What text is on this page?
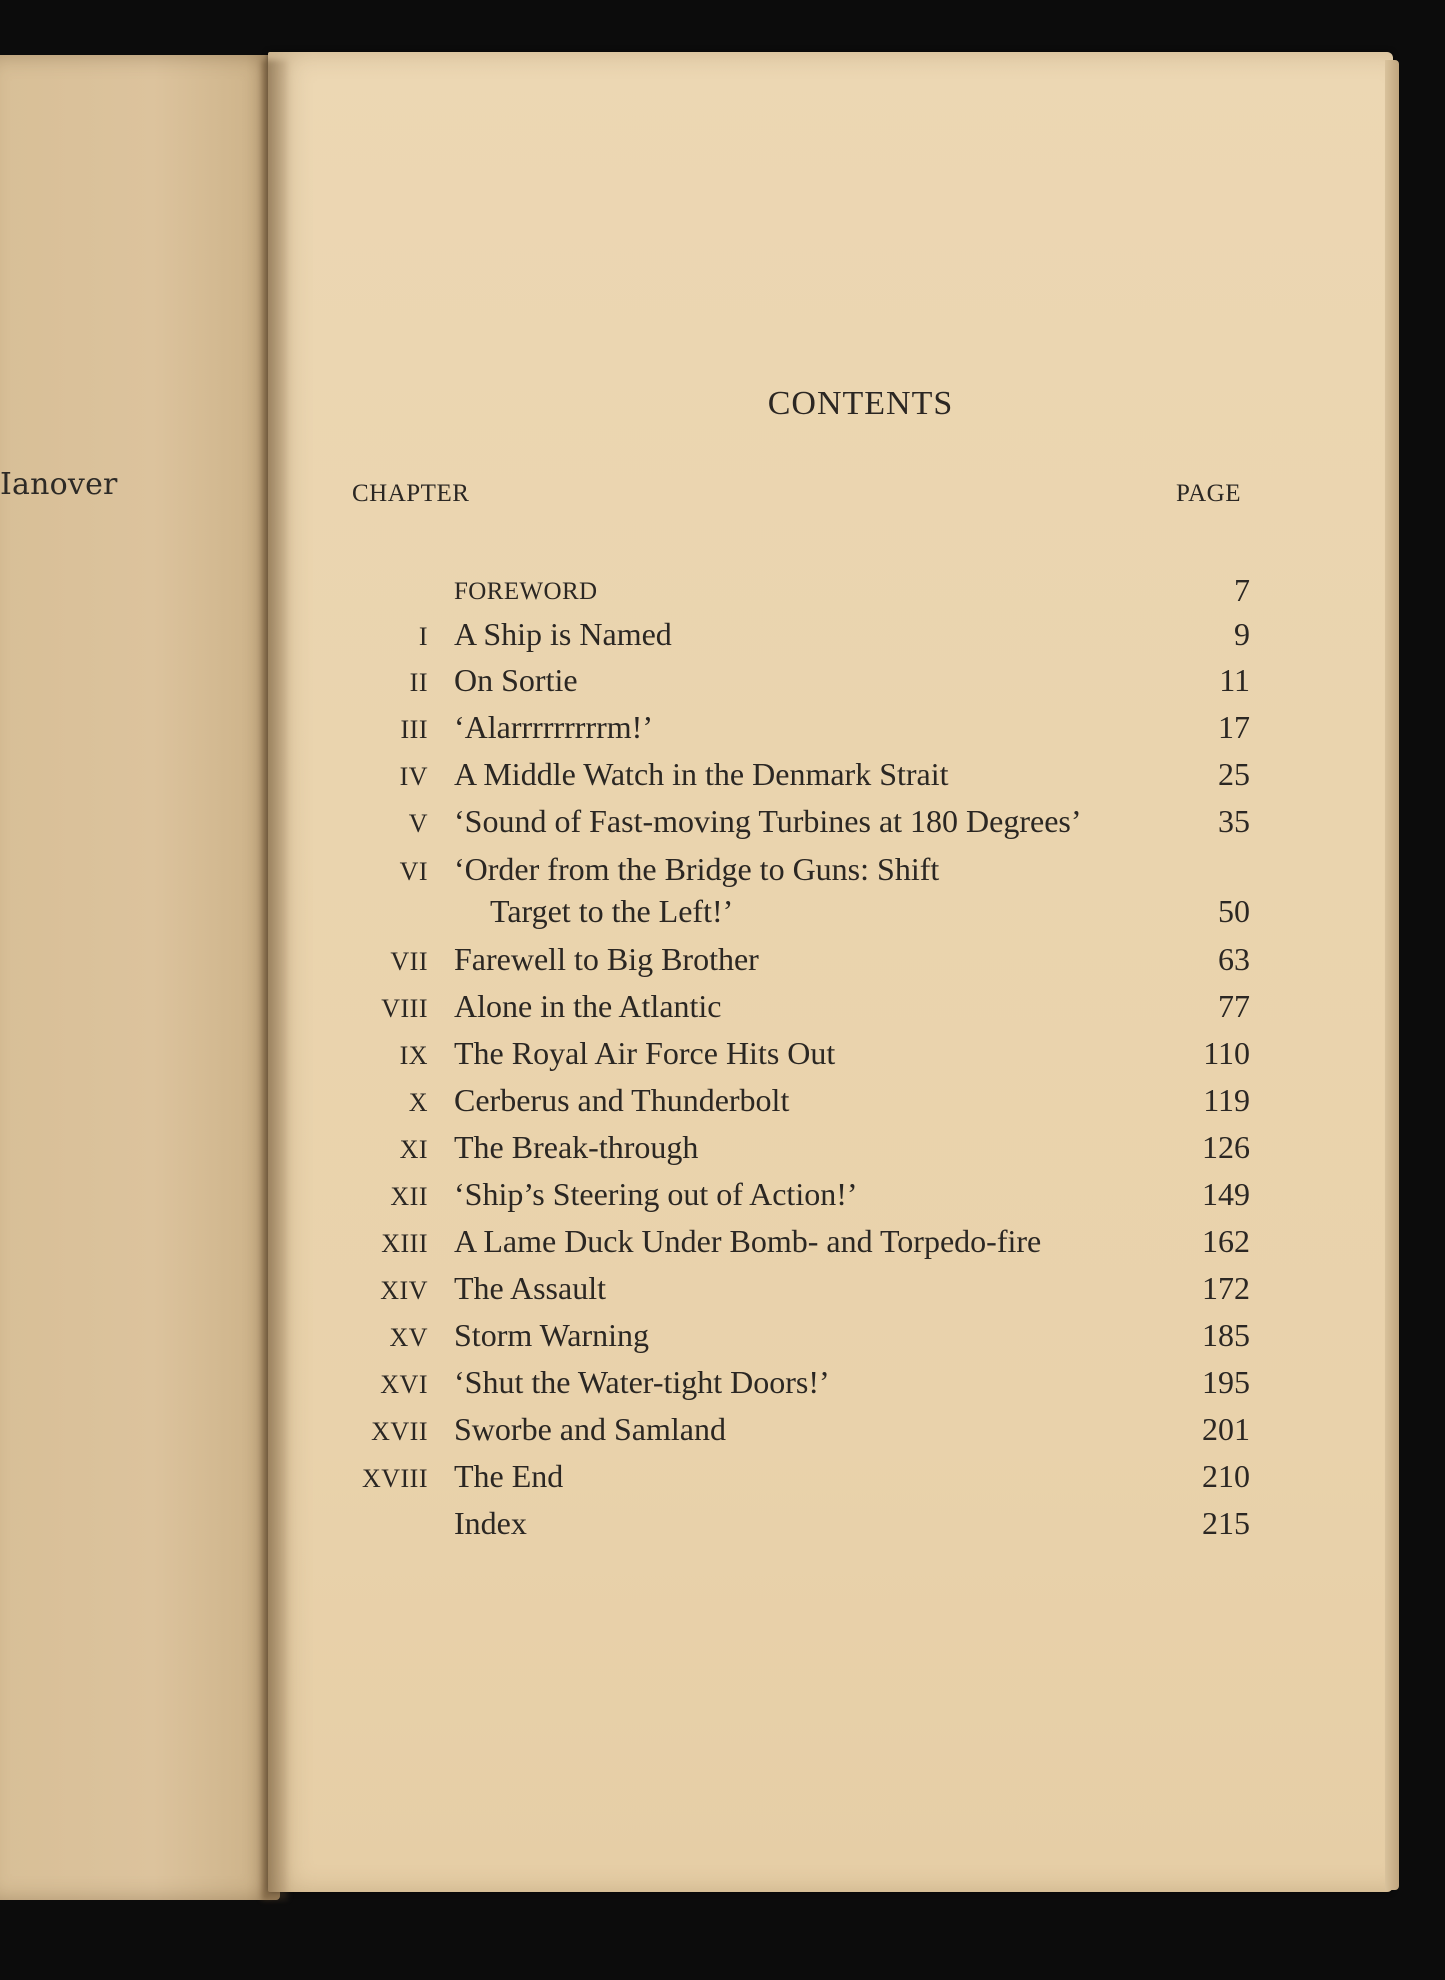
Ianover
CONTENTS
CHAPTER	PAGE
FOREWORD	7
I A Ship is Named	9
II On Sortie	11
III ‘Alarrrrrrrrrm!’	17
IV A Middle Watch in the Denmark Strait	25
V ‘Sound of Fast-moving Turbines at 180 Degrees’	35
VI ‘Order from the Bridge to Guns: Shift
Target to the Left!’	50
VII Farewell to Big Brother	63
VIII Alone in the Atlantic	77
IX The Royal Air Force Hits Out	110
X Cerberus and Thunderbolt	119
XI The Break-through	126
XII ‘Ship’s Steering out of Action!’	149
XIII A Lame Duck Under Bomb- and Torpedo-fire	162
XIV The Assault	172
XV Storm Warning	185
XVI ‘Shut the Water-tight Doors!’	195
XVII Sworbe and Samland	201
XVIII The End	210
Index	215
